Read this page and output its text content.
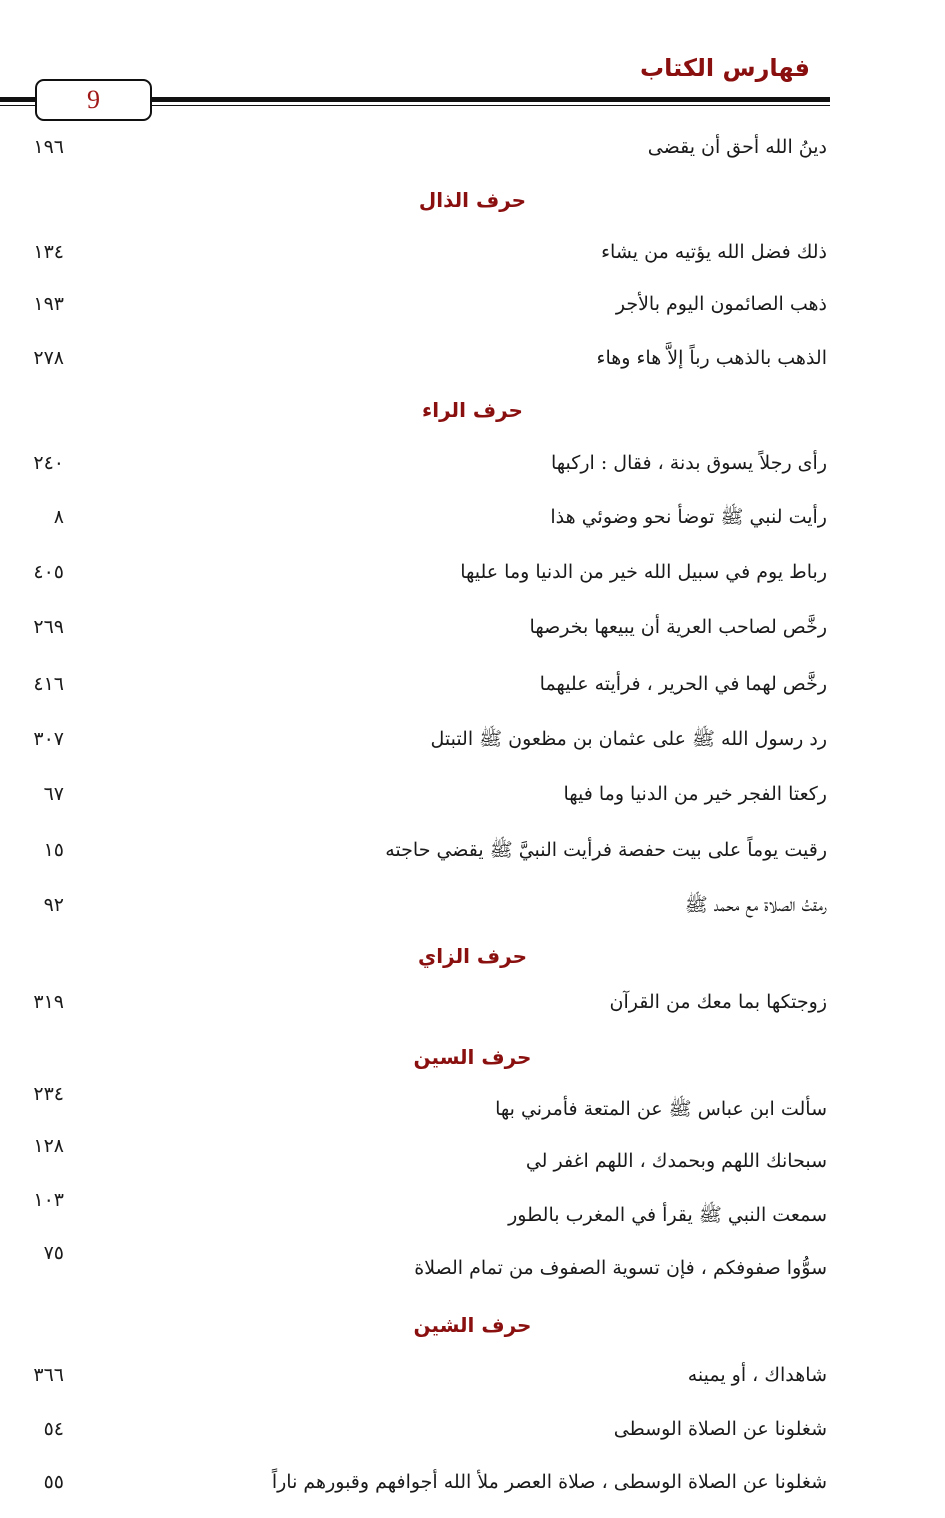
فهارس الكتاب
9
دينُ الله أحق أن يقضى
١٩٦
حرف الذال
ذلك فضل الله يؤتيه من يشاء
١٣٤
ذهب الصائمون اليوم بالأجر
١٩٣
الذهب بالذهب رباً إلاَّ هاء وهاء
٢٧٨
حرف الراء
رأى رجلاً يسوق بدنة ، فقال : اركبها
٢٤٠
رأيت لنبي ﷺ توضأ نحو وضوئي هذا
٨
رباط يوم في سبيل الله خير من الدنيا وما عليها
٤٠٥
رخَّص لصاحب العرية أن يبيعها بخرصها
٢٦٩
رخَّص لهما في الحرير ، فرأيته عليهما
٤١٦
رد رسول الله ﷺ على عثمان بن مظعون ﷺ التبتل
٣٠٧
ركعتا الفجر خير من الدنيا وما فيها
٦٧
رقيت يوماً على بيت حفصة فرأيت النبيَّ ﷺ يقضي حاجته
١٥
رمقتُ الصلاة مع محمد ﷺ
٩٢
حرف الزاي
زوجتكها بما معك من القرآن
٣١٩
حرف السين
سألت ابن عباس ﷺ عن المتعة فأمرني بها
٢٣٤
سبحانك اللهم وبحمدك ، اللهم اغفر لي
١٢٨
سمعت النبي ﷺ يقرأ في المغرب بالطور
١٠٣
سوُّوا صفوفكم ، فإن تسوية الصفوف من تمام الصلاة
٧٥
حرف الشين
شاهداك ، أو يمينه
٣٦٦
شغلونا عن الصلاة الوسطى
٥٤
شغلونا عن الصلاة الوسطى ، صلاة العصر ملأ الله أجوافهم وقبورهم ناراً
٥٥
